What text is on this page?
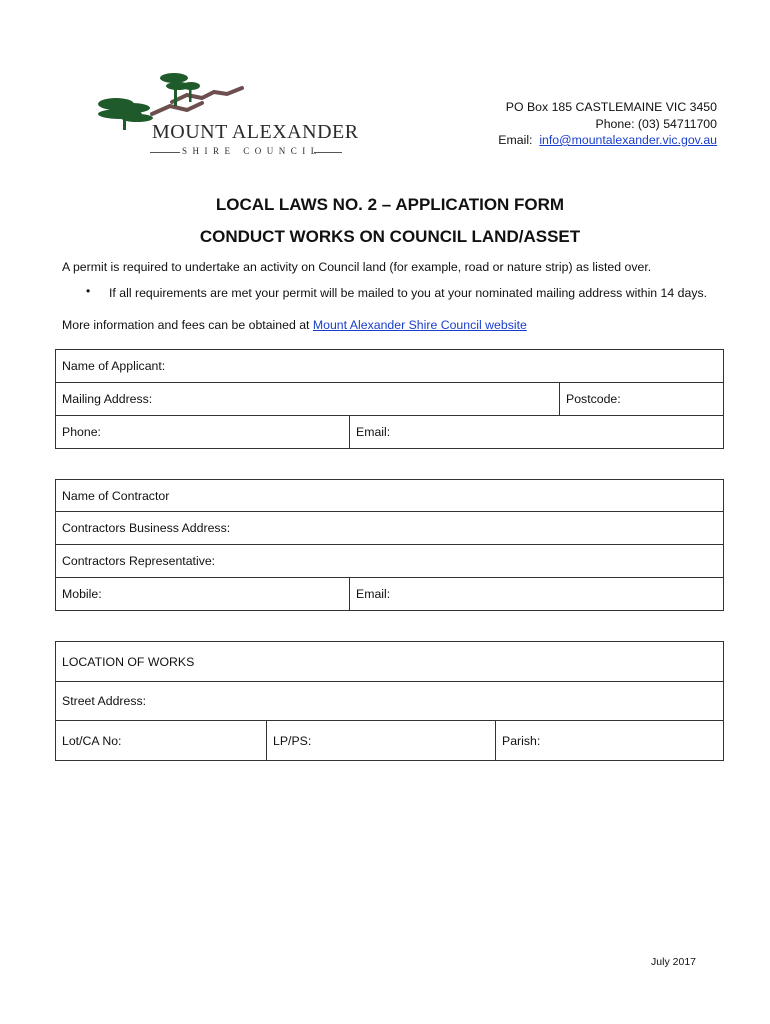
MOUNT ALEXANDER
SHIRE COUNCIL
PO Box 185 CASTLEMAINE VIC 3450
Phone: (03) 54711700
Email: info@mountalexander.vic.gov.au
LOCAL LAWS NO. 2 – APPLICATION FORM
CONDUCT WORKS ON COUNCIL LAND/ASSET
A permit is required to undertake an activity on Council land (for example, road or nature strip) as listed over.
• If all requirements are met your permit will be mailed to you at your nominated mailing address within 14 days.
More information and fees can be obtained at Mount Alexander Shire Council website
Name of Applicant:
Mailing Address:	Postcode:
Phone:	Email:
Name of Contractor
Contractors Business Address:
Contractors Representative:
Mobile:	Email:
LOCATION OF WORKS
Street Address:
Lot/CA No:	LP/PS:	Parish:
July 2017
